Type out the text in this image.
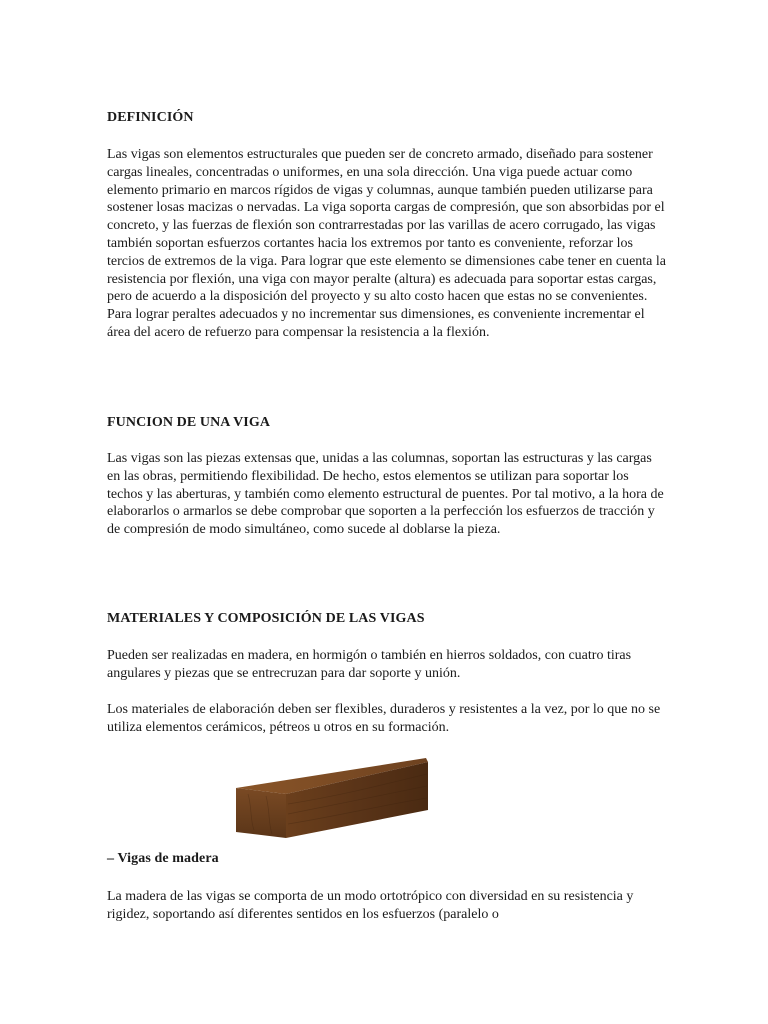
DEFINICIÓN

Las vigas son elementos estructurales que pueden ser de concreto armado, diseñado para sostener cargas lineales, concentradas o uniformes, en una sola dirección. Una viga puede actuar como elemento primario en marcos rígidos de vigas y columnas, aunque también pueden utilizarse para sostener losas macizas o nervadas. La viga soporta cargas de compresión, que son absorbidas por el concreto, y las fuerzas de flexión son contrarrestadas por las varillas de acero corrugado, las vigas también soportan esfuerzos cortantes hacia los extremos por tanto es conveniente, reforzar los tercios de extremos de la viga. Para lograr que este elemento se dimensiones cabe tener en cuenta la resistencia por flexión, una viga con mayor peralte (altura) es adecuada para soportar estas cargas, pero de acuerdo a la disposición del proyecto y su alto costo hacen que estas no se convenientes. Para lograr peraltes adecuados y no incrementar sus dimensiones, es conveniente incrementar el área del acero de refuerzo para compensar la resistencia a la flexión.

FUNCION DE UNA VIGA

Las vigas son las piezas extensas que, unidas a las columnas, soportan las estructuras y las cargas en las obras, permitiendo flexibilidad. De hecho, estos elementos se utilizan para soportar los techos y las aberturas, y también como elemento estructural de puentes. Por tal motivo, a la hora de elaborarlos o armarlos se debe comprobar que soporten a la perfección los esfuerzos de tracción y de compresión de modo simultáneo, como sucede al doblarse la pieza.

MATERIALES Y COMPOSICIÓN DE LAS VIGAS

Pueden ser realizadas en madera, en hormigón o también en hierros soldados, con cuatro tiras angulares y piezas que se entrecruzan para dar soporte y unión.

Los materiales de elaboración deben ser flexibles, duraderos y resistentes a la vez, por lo que no se utiliza elementos cerámicos, pétreos u otros en su formación.

– Vigas de madera

La madera de las vigas se comporta de un modo ortotrópico con diversidad en su resistencia y rigidez, soportando así diferentes sentidos en los esfuerzos (paralelo o
